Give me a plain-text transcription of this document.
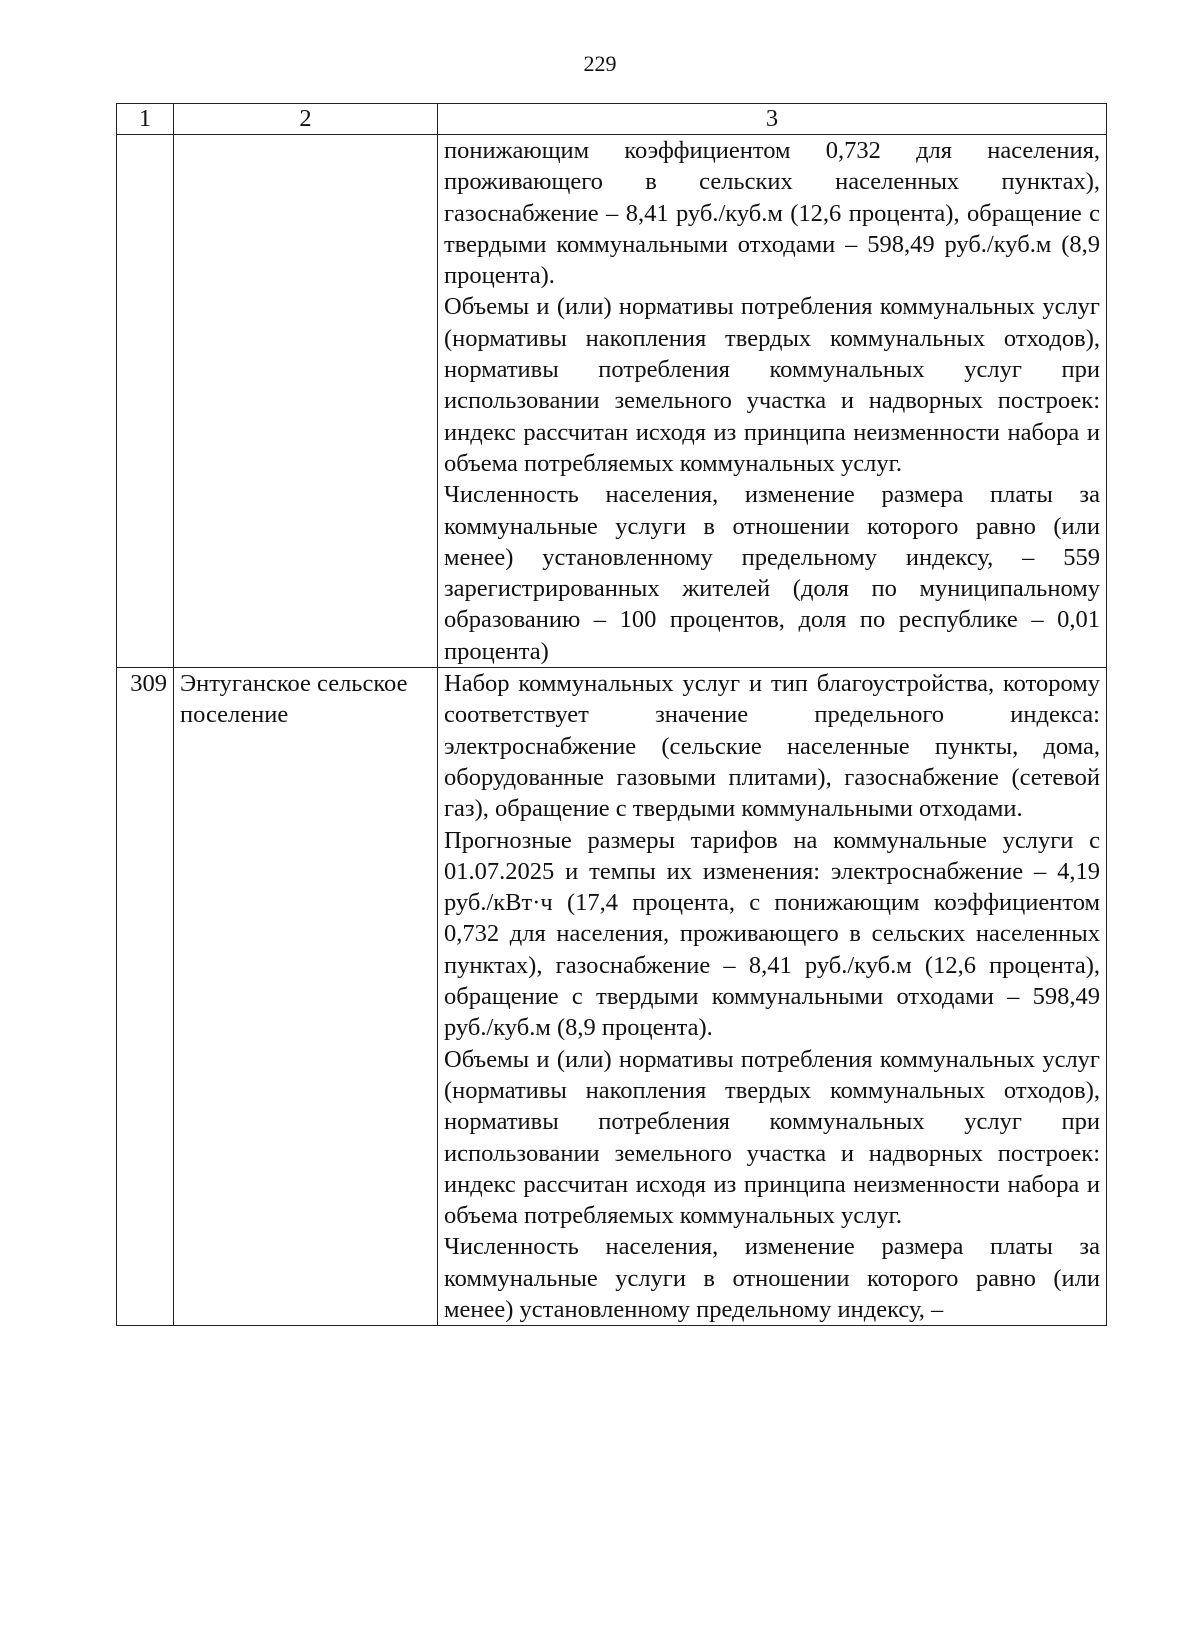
229
1	2	3

		понижающим коэффициентом 0,732 для населения, проживающего в сельских населенных пунктах), газоснабжение – 8,41 руб./куб.м (12,6 процента), обращение с твердыми коммунальными отходами – 598,49 руб./куб.м (8,9 процента).

Объемы и (или) нормативы потребления коммунальных услуг (нормативы накопления твердых коммунальных отходов), нормативы потребления коммунальных услуг при использовании земельного участка и надворных построек: индекс рассчитан исходя из принципа неизменности набора и объема потребляемых коммунальных услуг.

Численность населения, изменение размера платы за коммунальные услуги в отношении которого равно (или менее) установленному предельному индексу, – 559 зарегистрированных жителей (доля по муниципальному образованию – 100 процентов, доля по республике – 0,01 процента)

309	Энтуганское сельское поселение	Набор коммунальных услуг и тип благоустройства, которому соответствует значение предельного индекса: электроснабжение (сельские населенные пункты, дома, оборудованные газовыми плитами), газоснабжение (сетевой газ), обращение с твердыми коммунальными отходами.

Прогнозные размеры тарифов на коммунальные услуги с 01.07.2025 и темпы их изменения: электроснабжение – 4,19 руб./кВт·ч (17,4 процента, с понижающим коэффициентом 0,732 для населения, проживающего в сельских населенных пунктах), газоснабжение – 8,41 руб./куб.м (12,6 процента), обращение с твердыми коммунальными отходами – 598,49 руб./куб.м (8,9 процента).

Объемы и (или) нормативы потребления коммунальных услуг (нормативы накопления твердых коммунальных отходов), нормативы потребления коммунальных услуг при использовании земельного участка и надворных построек: индекс рассчитан исходя из принципа неизменности набора и объема потребляемых коммунальных услуг.

Численность населения, изменение размера платы за коммунальные услуги в отношении которого равно (или менее) установленному предельному индексу, –
